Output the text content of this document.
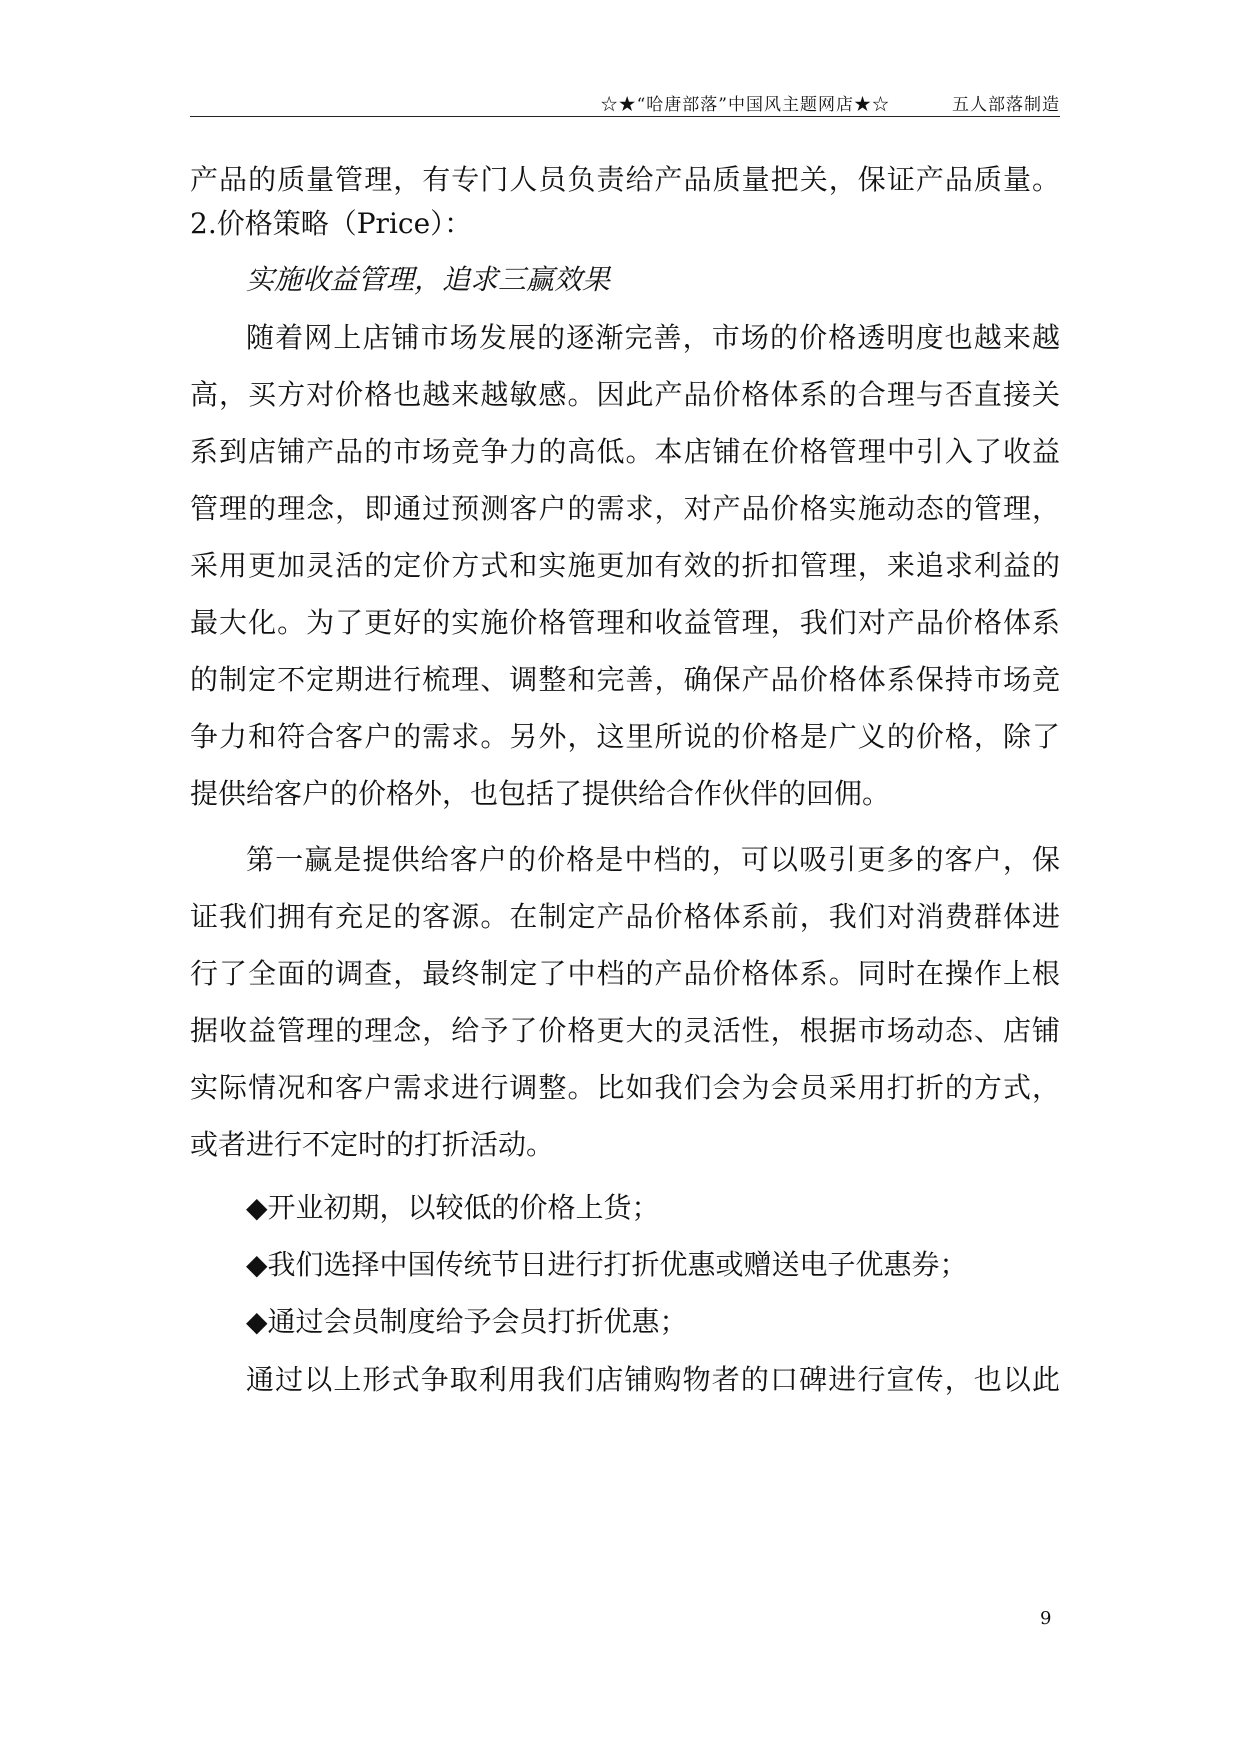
☆★“哈唐部落”中国风主题网店★☆	五人部落制造
产品的质量管理，有专门人员负责给产品质量把关，保证产品质量。
2.价格策略（Price）：
实施收益管理，追求三赢效果
随着网上店铺市场发展的逐渐完善，市场的价格透明度也越来越
高，买方对价格也越来越敏感。因此产品价格体系的合理与否直接关
系到店铺产品的市场竞争力的高低。本店铺在价格管理中引入了收益
管理的理念，即通过预测客户的需求，对产品价格实施动态的管理，
采用更加灵活的定价方式和实施更加有效的折扣管理，来追求利益的
最大化。为了更好的实施价格管理和收益管理，我们对产品价格体系
的制定不定期进行梳理、调整和完善，确保产品价格体系保持市场竞
争力和符合客户的需求。另外，这里所说的价格是广义的价格，除了
提供给客户的价格外，也包括了提供给合作伙伴的回佣。
第一赢是提供给客户的价格是中档的，可以吸引更多的客户，保
证我们拥有充足的客源。在制定产品价格体系前，我们对消费群体进
行了全面的调查，最终制定了中档的产品价格体系。同时在操作上根
据收益管理的理念，给予了价格更大的灵活性，根据市场动态、店铺
实际情况和客户需求进行调整。比如我们会为会员采用打折的方式，
或者进行不定时的打折活动。
◆开业初期，以较低的价格上货；
◆我们选择中国传统节日进行打折优惠或赠送电子优惠券；
◆通过会员制度给予会员打折优惠；
通过以上形式争取利用我们店铺购物者的口碑进行宣传，也以此
9
